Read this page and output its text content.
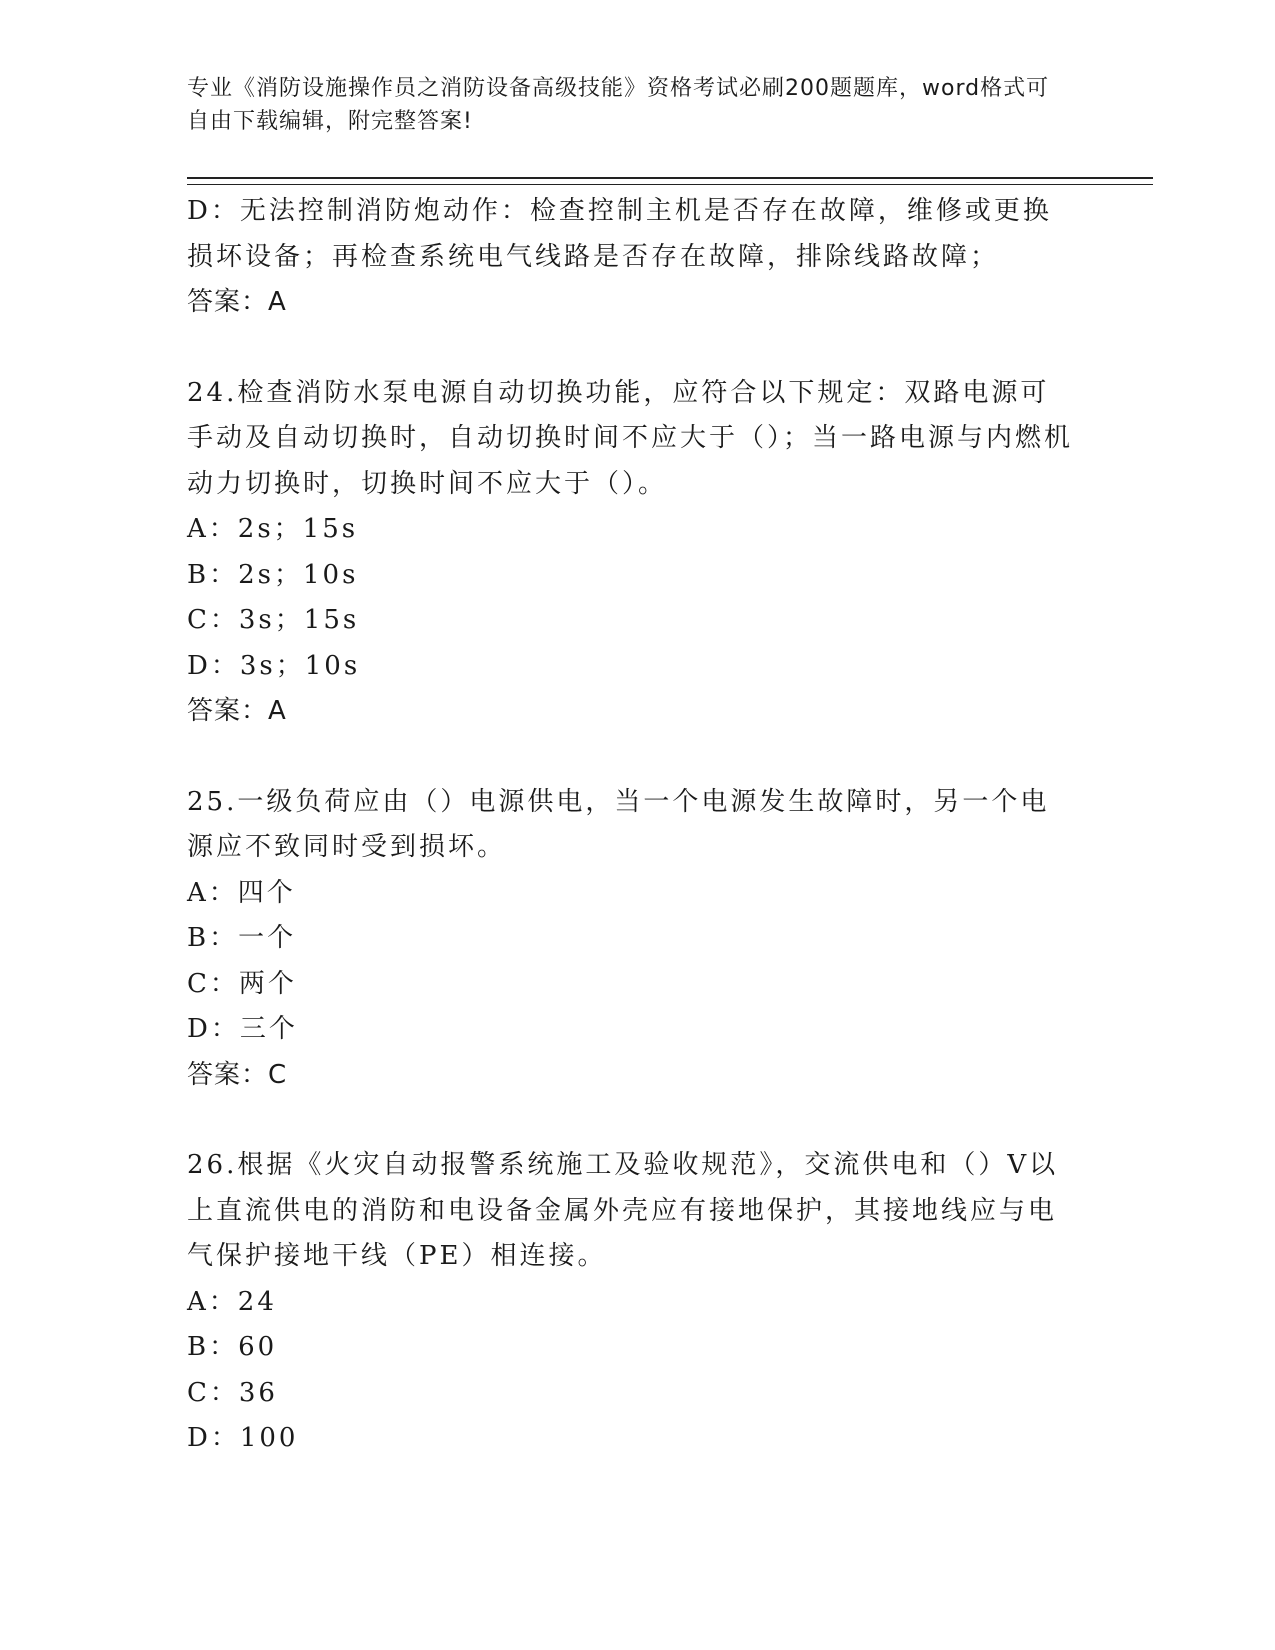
专业《消防设施操作员之消防设备高级技能》资格考试必刷200题题库，word格式可自由下载编辑，附完整答案!
D：无法控制消防炮动作：检查控制主机是否存在故障，维修或更换损坏设备；再检查系统电气线路是否存在故障，排除线路故障；
答案：A
24.检查消防水泵电源自动切换功能，应符合以下规定：双路电源可手动及自动切换时，自动切换时间不应大于（）；当一路电源与内燃机动力切换时，切换时间不应大于（）。
A：2s；15s
B：2s；10s
C：3s；15s
D：3s；10s
答案：A
25.一级负荷应由（）电源供电，当一个电源发生故障时，另一个电源应不致同时受到损坏。
A：四个
B：一个
C：两个
D：三个
答案：C
26.根据《火灾自动报警系统施工及验收规范》，交流供电和（）V以上直流供电的消防和电设备金属外壳应有接地保护，其接地线应与电气保护接地干线（PE）相连接。
A：24
B：60
C：36
D：100
